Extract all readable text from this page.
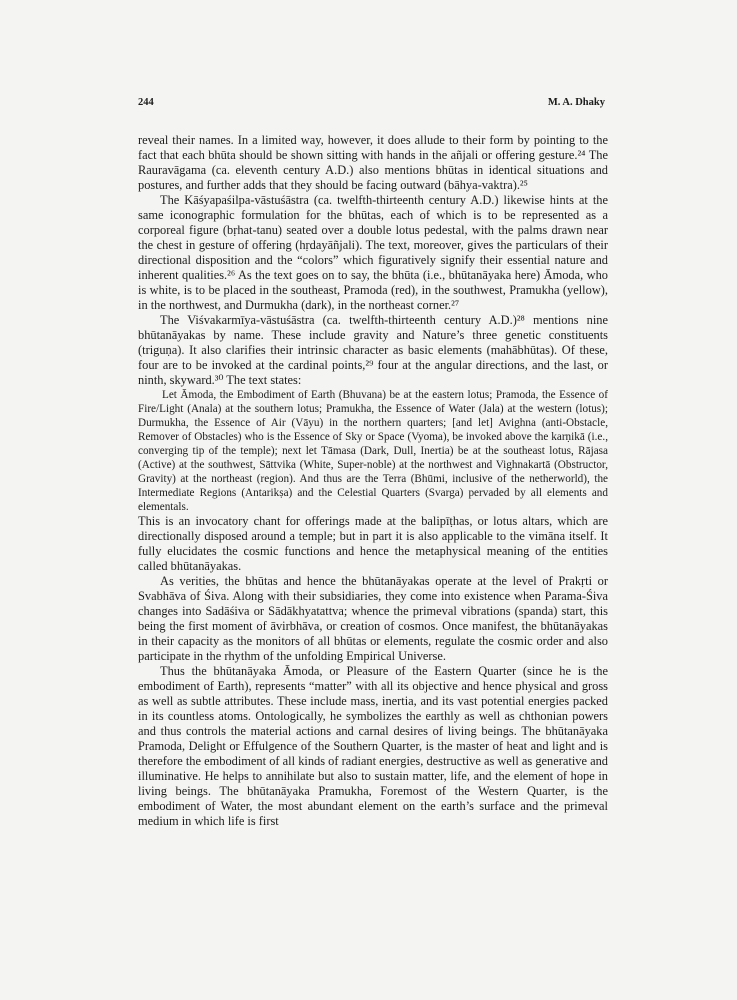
244	M. A. Dhaky

reveal their names. In a limited way, however, it does allude to their form by pointing to the fact that each bhūta should be shown sitting with hands in the añjali or offering gesture.²⁴ The Rauravāgama (ca. eleventh century A.D.) also mentions bhūtas in identical situations and postures, and further adds that they should be facing outward (bāhya-vaktra).²⁵

The Kāśyapaśilpa-vāstuśāstra (ca. twelfth-thirteenth century A.D.) likewise hints at the same iconographic formulation for the bhūtas, each of which is to be represented as a corporeal figure (bṛhat-tanu) seated over a double lotus pedestal, with the palms drawn near the chest in gesture of offering (hṛdayāñjali). The text, moreover, gives the particulars of their directional disposition and the “colors” which figuratively signify their essential nature and inherent qualities.²⁶ As the text goes on to say, the bhūta (i.e., bhūtanāyaka here) Āmoda, who is white, is to be placed in the southeast, Pramoda (red), in the southwest, Pramukha (yellow), in the northwest, and Durmukha (dark), in the northeast corner.²⁷

The Viśvakarmīya-vāstuśāstra (ca. twelfth-thirteenth century A.D.)²⁸ mentions nine bhūtanāyakas by name. These include gravity and Nature’s three genetic constituents (triguṇa). It also clarifies their intrinsic character as basic elements (mahābhūtas). Of these, four are to be invoked at the cardinal points,²⁹ four at the angular directions, and the last, or ninth, skyward.³⁰ The text states:

Let Āmoda, the Embodiment of Earth (Bhuvana) be at the eastern lotus; Pramoda, the Essence of Fire/Light (Anala) at the southern lotus; Pramukha, the Essence of Water (Jala) at the western (lotus); Durmukha, the Essence of Air (Vāyu) in the northern quarters; [and let] Avighna (anti-Obstacle, Remover of Obstacles) who is the Essence of Sky or Space (Vyoma), be invoked above the karṇikā (i.e., converging tip of the temple); next let Tāmasa (Dark, Dull, Inertia) be at the southeast lotus, Rājasa (Active) at the southwest, Sāttvika (White, Super-noble) at the northwest and Vighnakartā (Obstructor, Gravity) at the northeast (region). And thus are the Terra (Bhūmi, inclusive of the netherworld), the Intermediate Regions (Antarikṣa) and the Celestial Quarters (Svarga) pervaded by all elements and elementals.

This is an invocatory chant for offerings made at the balipīṭhas, or lotus altars, which are directionally disposed around a temple; but in part it is also applicable to the vimāna itself. It fully elucidates the cosmic functions and hence the metaphysical meaning of the entities called bhūtanāyakas.

As verities, the bhūtas and hence the bhūtanāyakas operate at the level of Prakṛti or Svabhāva of Śiva. Along with their subsidiaries, they come into existence when Parama-Śiva changes into Sadāśiva or Sādākhyatattva; whence the primeval vibrations (spanda) start, this being the first moment of āvirbhāva, or creation of cosmos. Once manifest, the bhūtanāyakas in their capacity as the monitors of all bhūtas or elements, regulate the cosmic order and also participate in the rhythm of the unfolding Empirical Universe.

Thus the bhūtanāyaka Āmoda, or Pleasure of the Eastern Quarter (since he is the embodiment of Earth), represents “matter” with all its objective and hence physical and gross as well as subtle attributes. These include mass, inertia, and its vast potential energies packed in its countless atoms. Ontologically, he symbolizes the earthly as well as chthonian powers and thus controls the material actions and carnal desires of living beings. The bhūtanāyaka Pramoda, Delight or Effulgence of the Southern Quarter, is the master of heat and light and is therefore the embodiment of all kinds of radiant energies, destructive as well as generative and illuminative. He helps to annihilate but also to sustain matter, life, and the element of hope in living beings. The bhūtanāyaka Pramukha, Foremost of the Western Quarter, is the embodiment of Water, the most abundant element on the earth’s surface and the primeval medium in which life is first
